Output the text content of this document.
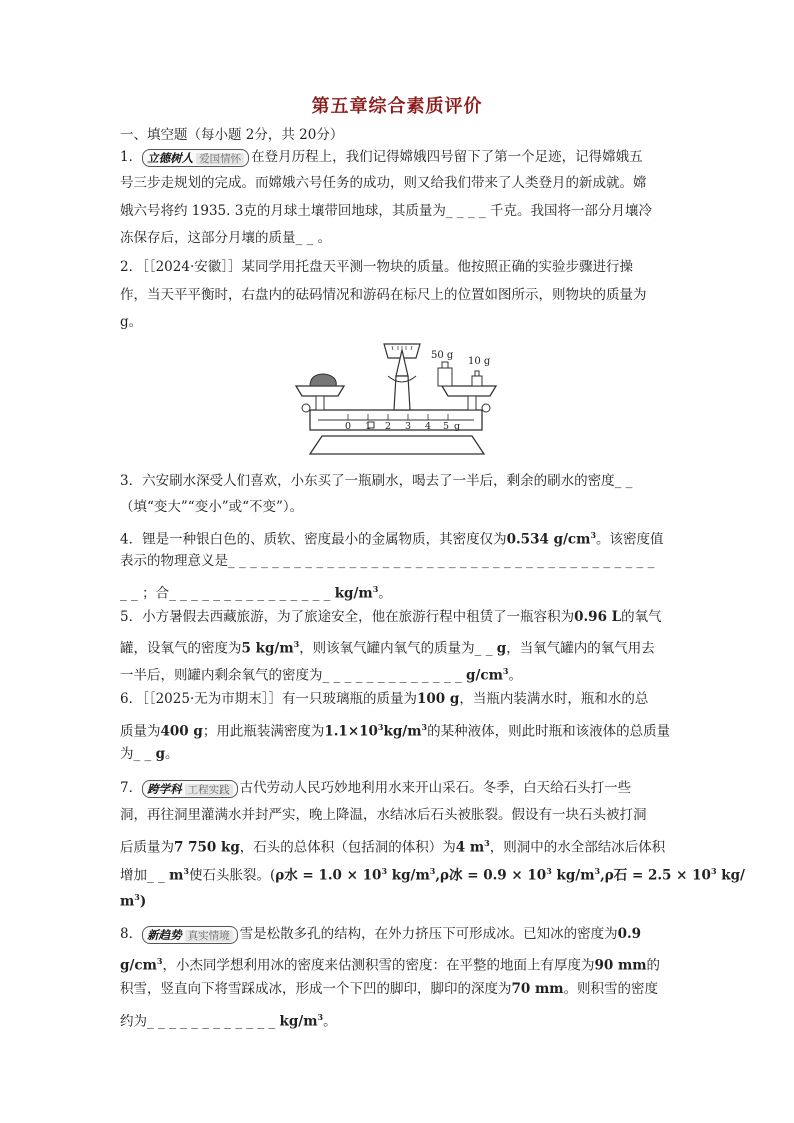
第五章综合素质评价
一、填空题（每小题 2分，共 20分）
1． 立德树人 爱国情怀 在登月历程上，我们记得嫦娥四号留下了第一个足迹，记得嫦娥五
号三步走规划的完成。而嫦娥六号任务的成功，则又给我们带来了人类登月的新成就。嫦
娥六号将约 1935. 3克的月球土壤带回地球，其质量为_ _ _ _ 千克。我国将一部分月壤冷
冻保存后，这部分月壤的质量_ _ 。
2．［［2024·安徽］］某同学用托盘天平测一物块的质量。他按照正确的实验步骤进行操
作，当天平平衡时，右盘内的砝码情况和游码在标尺上的位置如图所示，则物块的质量为
g。
50 g
10 g
0 1 2 3 4 5 g
3．六安刷水深受人们喜欢，小东买了一瓶刷水，喝去了一半后，剩余的刷水的密度_ _
（填“变大”“变小”或“不变”）。
4．锂是一种银白色的、质软、密度最小的金属物质，其密度仅为0.534 $g/cm^3$。该密度值
表示的物理意义是_ _ _ _ _ _ _ _ _ _ _ _ _ _ _ _ _ _ _ _ _ _ _ _ _ _ _ _ _ _ _ _ _ _ _ _ _ _ _
_ _ ；合_ _ _ _ _ _ _ _ _ _ _ _ _ _ _ $kg/m^3$。
5．小方暑假去西藏旅游，为了旅途安全，他在旅游行程中租赁了一瓶容积为0.96 L的氧气
罐，设氧气的密度为5 $kg/m^3$，则该氧气罐内氧气的质量为_ _ g，当氧气罐内的氧气用去
一半后，则罐内剩余氧气的密度为_ _ _ _ _ _ _ _ _ _ _ _ _ $g/cm^3$。
6．［［2025·无为市期末］］有一只玻璃瓶的质量为100 g，当瓶内装满水时，瓶和水的总
质量为400 g；用此瓶装满密度为$1.1\times 10^3kg/m^3$的某种液体，则此时瓶和该液体的总质量
为_ _ g。
7． 跨学科 工程实践 古代劳动人民巧妙地利用水来开山采石。冬季，白天给石头打一些
洞，再往洞里灌满水并封严实，晚上降温，水结冰后石头被胀裂。假设有一块石头被打洞
后质量为7 750 kg，石头的总体积（包括洞的体积）为4 $m^3$，则洞中的水全部结冰后体积
增加_ _ $m^3$使石头胀裂。(ρ水 = $1.0 \times 10^3$ $kg/m^3,\rho$冰 = $0.9 \times 10^3$ $kg/m^3,\rho$石 = $2.5 \times 10^3$ kg/
$m^3$)
8． 新趋势 真实情境 雪是松散多孔的结构，在外力挤压下可形成冰。已知冰的密度为0.9
$g/cm^3$，小杰同学想利用冰的密度来估测积雪的密度：在平整的地面上有厚度为90 mm的
积雪，竖直向下将雪踩成冰，形成一个下凹的脚印，脚印的深度为70 mm。则积雪的密度
约为_ _ _ _ _ _ _ _ _ _ _ _ $kg/m^3$。
